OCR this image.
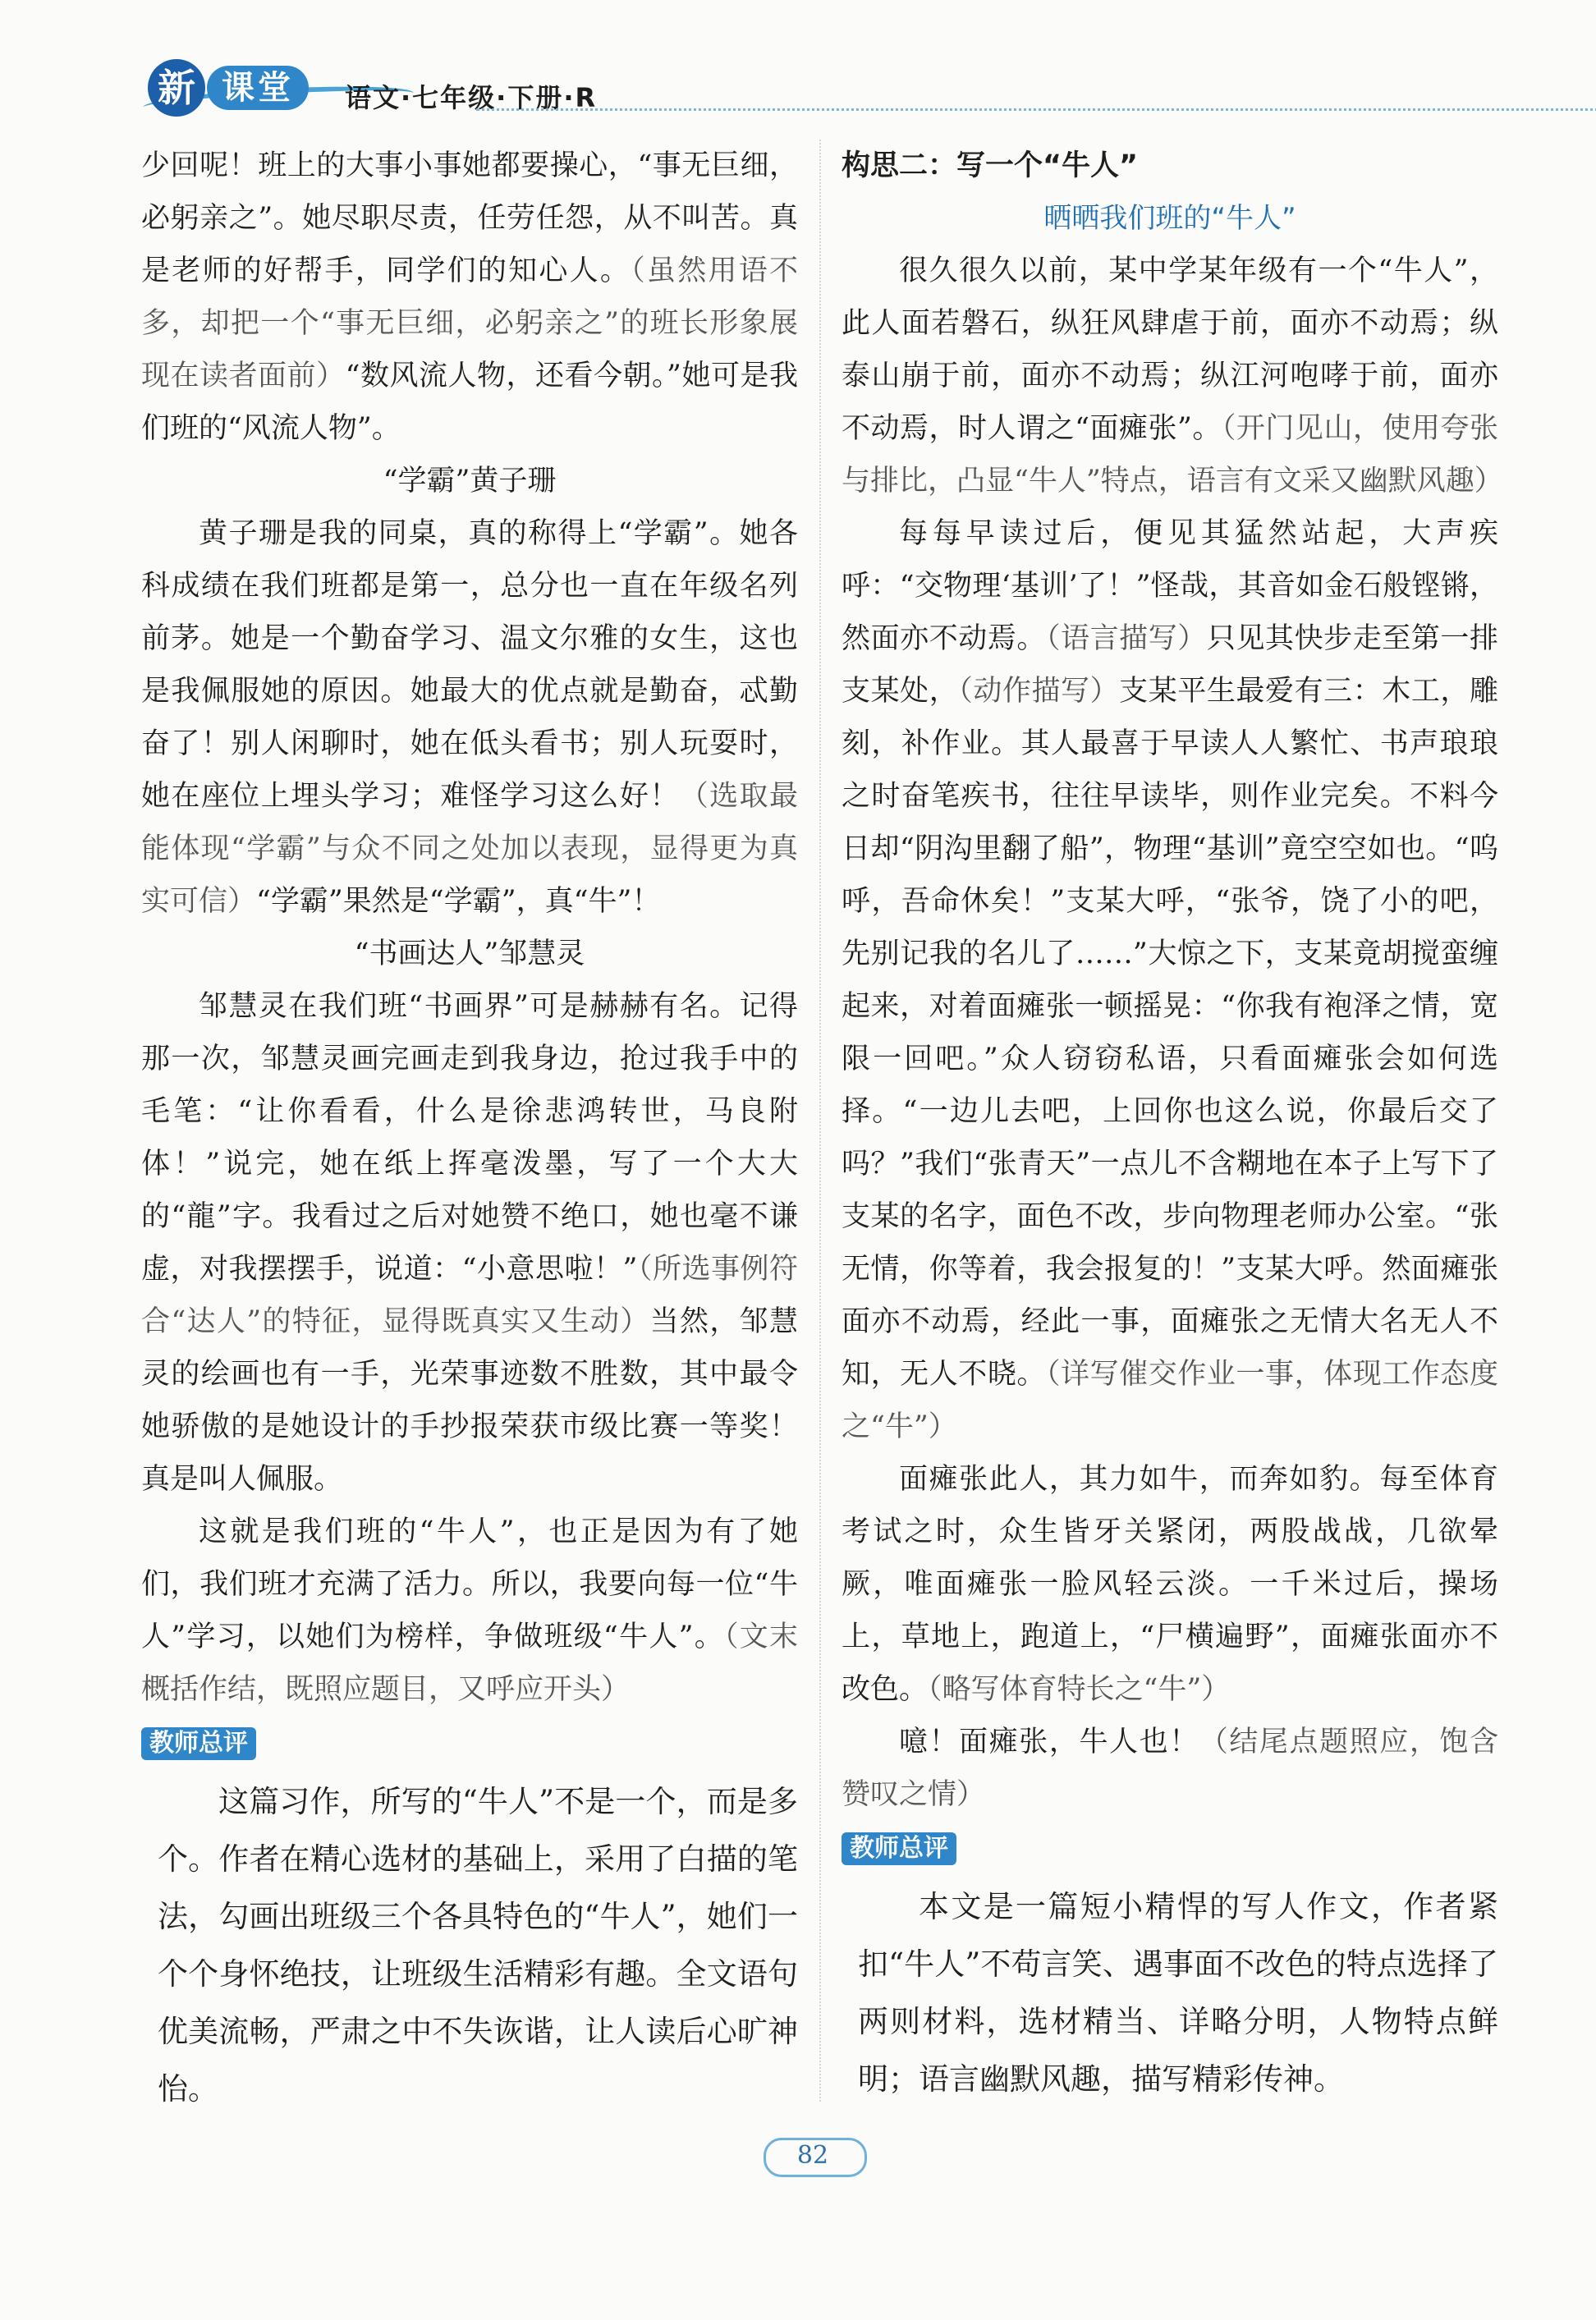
新 课堂	语文·七年级·下册·R

少回呢！班上的大事小事她都要操心，“事无巨细，必躬亲之”。她尽职尽责，任劳任怨，从不叫苦。真是老师的好帮手，同学们的知心人。（虽然用语不多，却把一个“事无巨细，必躬亲之”的班长形象展现在读者面前）“数风流人物，还看今朝。”她可是我们班的“风流人物”。

“学霸”黄子珊

黄子珊是我的同桌，真的称得上“学霸”。她各科成绩在我们班都是第一，总分也一直在年级名列前茅。她是一个勤奋学习、温文尔雅的女生，这也是我佩服她的原因。她最大的优点就是勤奋，忒勤奋了！别人闲聊时，她在低头看书；别人玩耍时，她在座位上埋头学习；难怪学习这么好！（选取最能体现“学霸”与众不同之处加以表现，显得更为真实可信）“学霸”果然是“学霸”，真“牛”！

“书画达人”邹慧灵

邹慧灵在我们班“书画界”可是赫赫有名。记得那一次，邹慧灵画完画走到我身边，抢过我手中的毛笔：“让你看看，什么是徐悲鸿转世，马良附体！”说完，她在纸上挥毫泼墨，写了一个大大的“龍”字。我看过之后对她赞不绝口，她也毫不谦虚，对我摆摆手，说道：“小意思啦！”（所选事例符合“达人”的特征，显得既真实又生动）当然，邹慧灵的绘画也有一手，光荣事迹数不胜数，其中最令她骄傲的是她设计的手抄报荣获市级比赛一等奖！真是叫人佩服。

这就是我们班的“牛人”，也正是因为有了她们，我们班才充满了活力。所以，我要向每一位“牛人”学习，以她们为榜样，争做班级“牛人”。（文末概括作结，既照应题目，又呼应开头）

教师总评

这篇习作，所写的“牛人”不是一个，而是多个。作者在精心选材的基础上，采用了白描的笔法，勾画出班级三个各具特色的“牛人”，她们一个个身怀绝技，让班级生活精彩有趣。全文语句优美流畅，严肃之中不失诙谐，让人读后心旷神怡。

构思二：写一个“牛人”

晒晒我们班的“牛人”

很久很久以前，某中学某年级有一个“牛人”，此人面若磐石，纵狂风肆虐于前，面亦不动焉；纵泰山崩于前，面亦不动焉；纵江河咆哮于前，面亦不动焉，时人谓之“面瘫张”。（开门见山，使用夸张与排比，凸显“牛人”特点，语言有文采又幽默风趣）

每每早读过后，便见其猛然站起，大声疾呼：“交物理‘基训’了！”怪哉，其音如金石般铿锵，然面亦不动焉。（语言描写）只见其快步走至第一排支某处，（动作描写）支某平生最爱有三：木工，雕刻，补作业。其人最喜于早读人人繁忙、书声琅琅之时奋笔疾书，往往早读毕，则作业完矣。不料今日却“阴沟里翻了船”，物理“基训”竟空空如也。“呜呼，吾命休矣！”支某大呼，“张爷，饶了小的吧，先别记我的名儿了……”大惊之下，支某竟胡搅蛮缠起来，对着面瘫张一顿摇晃：“你我有袍泽之情，宽限一回吧。”众人窃窃私语，只看面瘫张会如何选择。“一边儿去吧，上回你也这么说，你最后交了吗？”我们“张青天”一点儿不含糊地在本子上写下了支某的名字，面色不改，步向物理老师办公室。“张无情，你等着，我会报复的！”支某大呼。然面瘫张面亦不动焉，经此一事，面瘫张之无情大名无人不知，无人不晓。（详写催交作业一事，体现工作态度之“牛”）

面瘫张此人，其力如牛，而奔如豹。每至体育考试之时，众生皆牙关紧闭，两股战战，几欲晕厥，唯面瘫张一脸风轻云淡。一千米过后，操场上，草地上，跑道上，“尸横遍野”，面瘫张面亦不改色。（略写体育特长之“牛”）

噫！面瘫张，牛人也！（结尾点题照应，饱含赞叹之情）

教师总评

本文是一篇短小精悍的写人作文，作者紧扣“牛人”不苟言笑、遇事面不改色的特点选择了两则材料，选材精当、详略分明，人物特点鲜明；语言幽默风趣，描写精彩传神。

82
